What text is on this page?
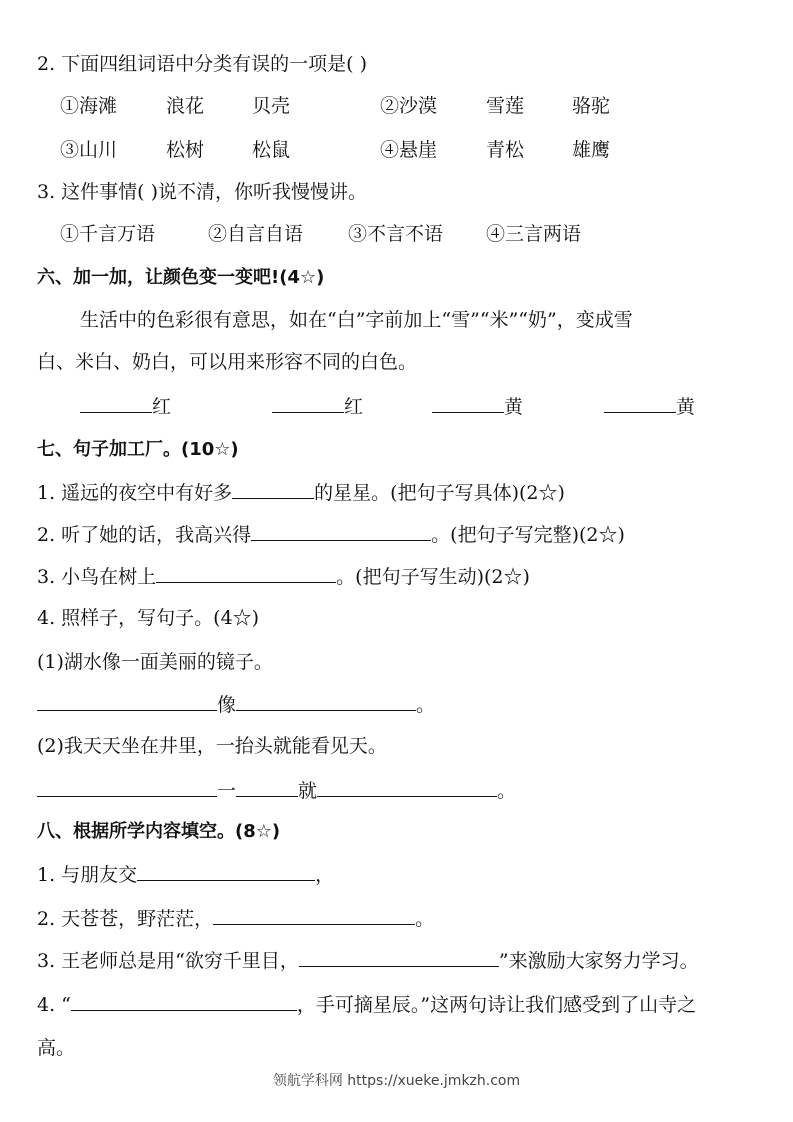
2. 下面四组词语中分类有误的一项是( )
①海滩	浪花	贝壳	②沙漠	雪莲	骆驼
③山川	松树	松鼠	④悬崖	青松	雄鹰
3. 这件事情( )说不清，你听我慢慢讲。
①千言万语	②自言自语 ③不言不语 ④三言两语
六、加一加，让颜色变一变吧!(4☆)
生活中的色彩很有意思，如在“白”字前加上“雪”“米”“奶”，变成雪
白、米白、奶白，可以用来形容不同的白色。
红	红	黄	黄
七、句子加工厂。(10☆)
1. 遥远的夜空中有好多	的星星。(把句子写具体)(2☆)
2. 听了她的话，我高兴得	。(把句子写完整)(2☆)
3. 小鸟在树上	。(把句子写生动)(2☆)
4. 照样子，写句子。(4☆)
(1)湖水像一面美丽的镜子。
像	。
(2)我天天坐在井里，一抬头就能看见天。
一	就	。
八、根据所学内容填空。(8☆)
1. 与朋友交	，
2. 天苍苍，野茫茫，	。
3. 王老师总是用“欲穷千里目，	”来激励大家努力学习。
4. “	，手可摘星辰。”这两句诗让我们感受到了山寺之
高。
领航学科网 https://xueke.jmkzh.com
